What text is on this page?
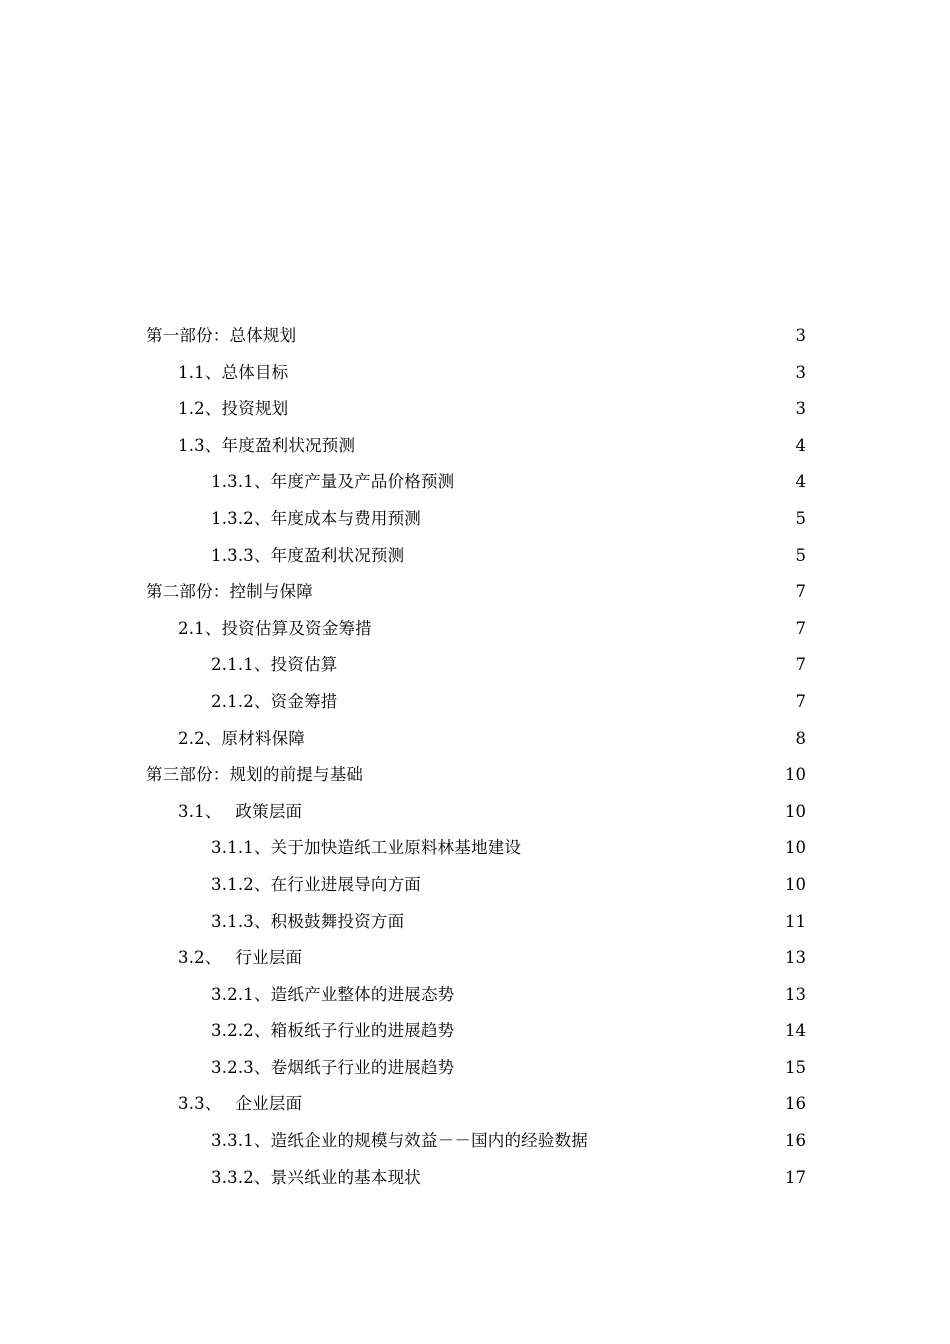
第一部份：总体规划	3
1.1、总体目标	3
1.2、投资规划	3
1.3、年度盈利状况预测	4
1.3.1、年度产量及产品价格预测	4
1.3.2、年度成本与费用预测	5
1.3.3、年度盈利状况预测	5
第二部份：控制与保障	7
2.1、投资估算及资金筹措	7
2.1.1、投资估算	7
2.1.2、资金筹措	7
2.2、原材料保障	8
第三部份：规划的前提与基础	10
3.1、　 政策层面	10
3.1.1、关于加快造纸工业原料林基地建设	10
3.1.2、在行业进展导向方面	10
3.1.3、积极鼓舞投资方面	11
3.2、　 行业层面	13
3.2.1、造纸产业整体的进展态势	13
3.2.2、箱板纸子行业的进展趋势	14
3.2.3、卷烟纸子行业的进展趋势	15
3.3、　 企业层面	16
3.3.1、造纸企业的规模与效益－－国内的经验数据	16
3.3.2、景兴纸业的基本现状	17
